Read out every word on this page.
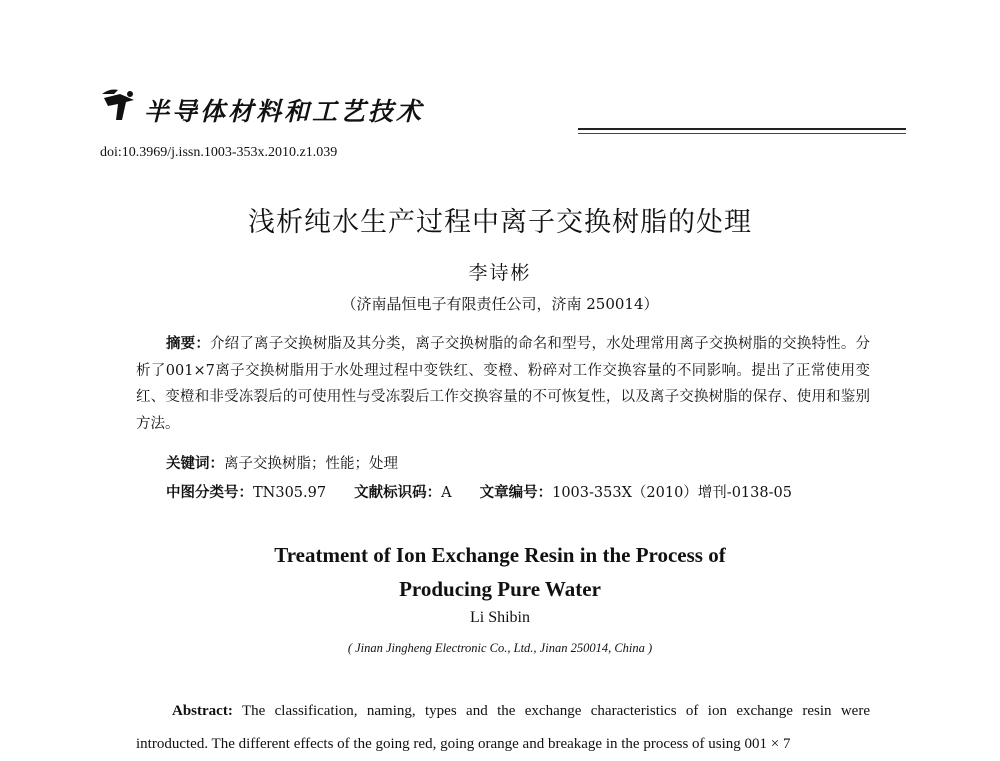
半导体材料和工艺技术
doi:10.3969/j.issn.1003-353x.2010.z1.039
浅析纯水生产过程中离子交换树脂的处理
李诗彬
（济南晶恒电子有限责任公司，济南 250014）
摘要：介绍了离子交换树脂及其分类，离子交换树脂的命名和型号，水处理常用离子交换树脂的交换特性。分析了001×7离子交换树脂用于水处理过程中变铁红、变橙、粉碎对工作交换容量的不同影响。提出了正常使用变红、变橙和非受冻裂后的可使用性与受冻裂后工作交换容量的不可恢复性，以及离子交换树脂的保存、使用和鉴别方法。
关键词：离子交换树脂；性能；处理
中图分类号：TN305.97 文献标识码：A 文章编号：1003-353X（2010）增刊-0138-05
Treatment of Ion Exchange Resin in the Process of
Producing Pure Water
Li Shibin
( Jinan Jingheng Electronic Co., Ltd., Jinan 250014, China )
Abstract: The classification, naming, types and the exchange characteristics of ion exchange resin were introducted. The different effects of the going red, going orange and breakage in the process of using 001 × 7
